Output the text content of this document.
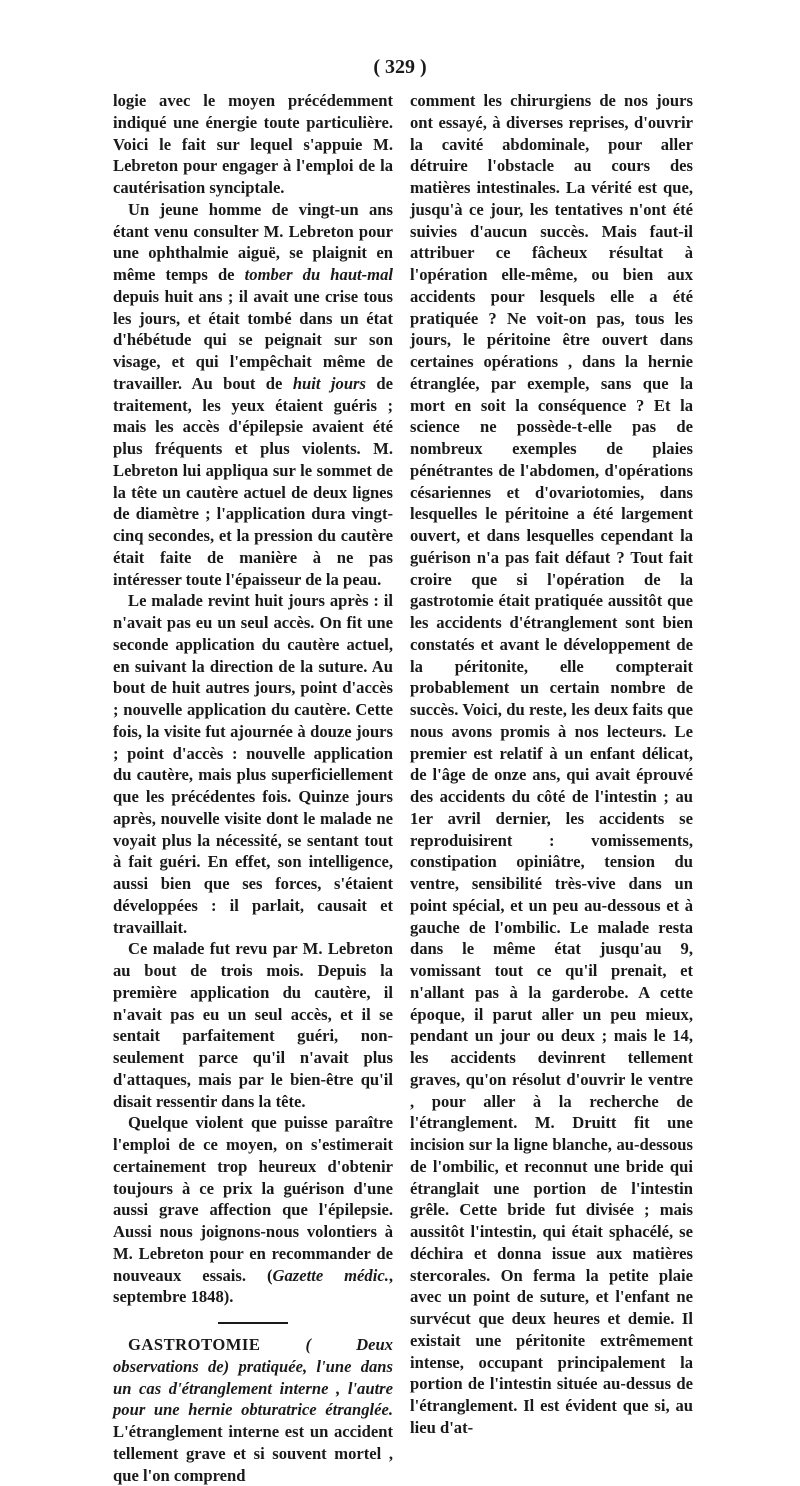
( 329 )

logie avec le moyen précédemment indiqué une énergie toute particulière. Voici le fait sur lequel s'appuie M. Lebreton pour engager à l'emploi de la cautérisation synciptale.

Un jeune homme de vingt-un ans étant venu consulter M. Lebreton pour une ophthalmie aiguë, se plaignit en même temps de tomber du haut-mal depuis huit ans ; il avait une crise tous les jours, et était tombé dans un état d'hébétude qui se peignait sur son visage, et qui l'empêchait même de travailler. Au bout de huit jours de traitement, les yeux étaient guéris ; mais les accès d'épilepsie avaient été plus fréquents et plus violents. M. Lebreton lui appliqua sur le sommet de la tête un cautère actuel de deux lignes de diamètre ; l'application dura vingt-cinq secondes, et la pression du cautère était faite de manière à ne pas intéresser toute l'épaisseur de la peau.

Le malade revint huit jours après : il n'avait pas eu un seul accès. On fit une seconde application du cautère actuel, en suivant la direction de la suture. Au bout de huit autres jours, point d'accès ; nouvelle application du cautère. Cette fois, la visite fut ajournée à douze jours ; point d'accès : nouvelle application du cautère, mais plus superficiellement que les précédentes fois. Quinze jours après, nouvelle visite dont le malade ne voyait plus la nécessité, se sentant tout à fait guéri. En effet, son intelligence, aussi bien que ses forces, s'étaient développées : il parlait, causait et travaillait.

Ce malade fut revu par M. Lebreton au bout de trois mois. Depuis la première application du cautère, il n'avait pas eu un seul accès, et il se sentait parfaitement guéri, non-seulement parce qu'il n'avait plus d'attaques, mais par le bien-être qu'il disait ressentir dans la tête.

Quelque violent que puisse paraître l'emploi de ce moyen, on s'estimerait certainement trop heureux d'obtenir toujours à ce prix la guérison d'une aussi grave affection que l'épilepsie. Aussi nous joignons-nous volontiers à M. Lebreton pour en recommander de nouveaux essais. (Gazette médic., septembre 1848).

GASTROTOMIE	( Deux observations de) pratiquée, l'une dans un cas d'étranglement interne , l'autre pour une hernie obturatrice étranglée. L'étranglement interne est un accident tellement grave et si souvent mortel , que l'on comprend

comment les chirurgiens de nos jours ont essayé, à diverses reprises, d'ouvrir la cavité abdominale, pour aller détruire l'obstacle au cours des matières intestinales. La vérité est que, jusqu'à ce jour, les tentatives n'ont été suivies d'aucun succès. Mais faut-il attribuer ce fâcheux résultat à l'opération elle-même, ou bien aux accidents pour lesquels elle a été pratiquée ? Ne voit-on pas, tous les jours, le péritoine être ouvert dans certaines opérations , dans la hernie étranglée, par exemple, sans que la mort en soit la conséquence ? Et la science ne possède-t-elle pas de nombreux exemples de plaies pénétrantes de l'abdomen, d'opérations césariennes et d'ovariotomies, dans lesquelles le péritoine a été largement ouvert, et dans lesquelles cependant la guérison n'a pas fait défaut ? Tout fait croire que si l'opération de la gastrotomie était pratiquée aussitôt que les accidents d'étranglement sont bien constatés et avant le développement de la péritonite, elle compterait probablement un certain nombre de succès. Voici, du reste, les deux faits que nous avons promis à nos lecteurs. Le premier est relatif à un enfant délicat, de l'âge de onze ans, qui avait éprouvé des accidents du côté de l'intestin ; au 1er avril dernier, les accidents se reproduisirent : vomissements, constipation opiniâtre, tension du ventre, sensibilité très-vive dans un point spécial, et un peu au-dessous et à gauche de l'ombilic. Le malade resta dans le même état jusqu'au 9, vomissant tout ce qu'il prenait, et n'allant pas à la garderobe. A cette époque, il parut aller un peu mieux, pendant un jour ou deux ; mais le 14, les accidents devinrent tellement graves, qu'on résolut d'ouvrir le ventre , pour aller à la recherche de l'étranglement. M. Druitt fit une incision sur la ligne blanche, au-dessous de l'ombilic, et reconnut une bride qui étranglait une portion de l'intestin grêle. Cette bride fut divisée ; mais aussitôt l'intestin, qui était sphacélé, se déchira et donna issue aux matières stercorales. On ferma la petite plaie avec un point de suture, et l'enfant ne survécut que deux heures et demie. Il existait une péritonite extrêmement intense, occupant principalement la portion de l'intestin située au-dessus de l'étranglement. Il est évident que si, au lieu d'at-
